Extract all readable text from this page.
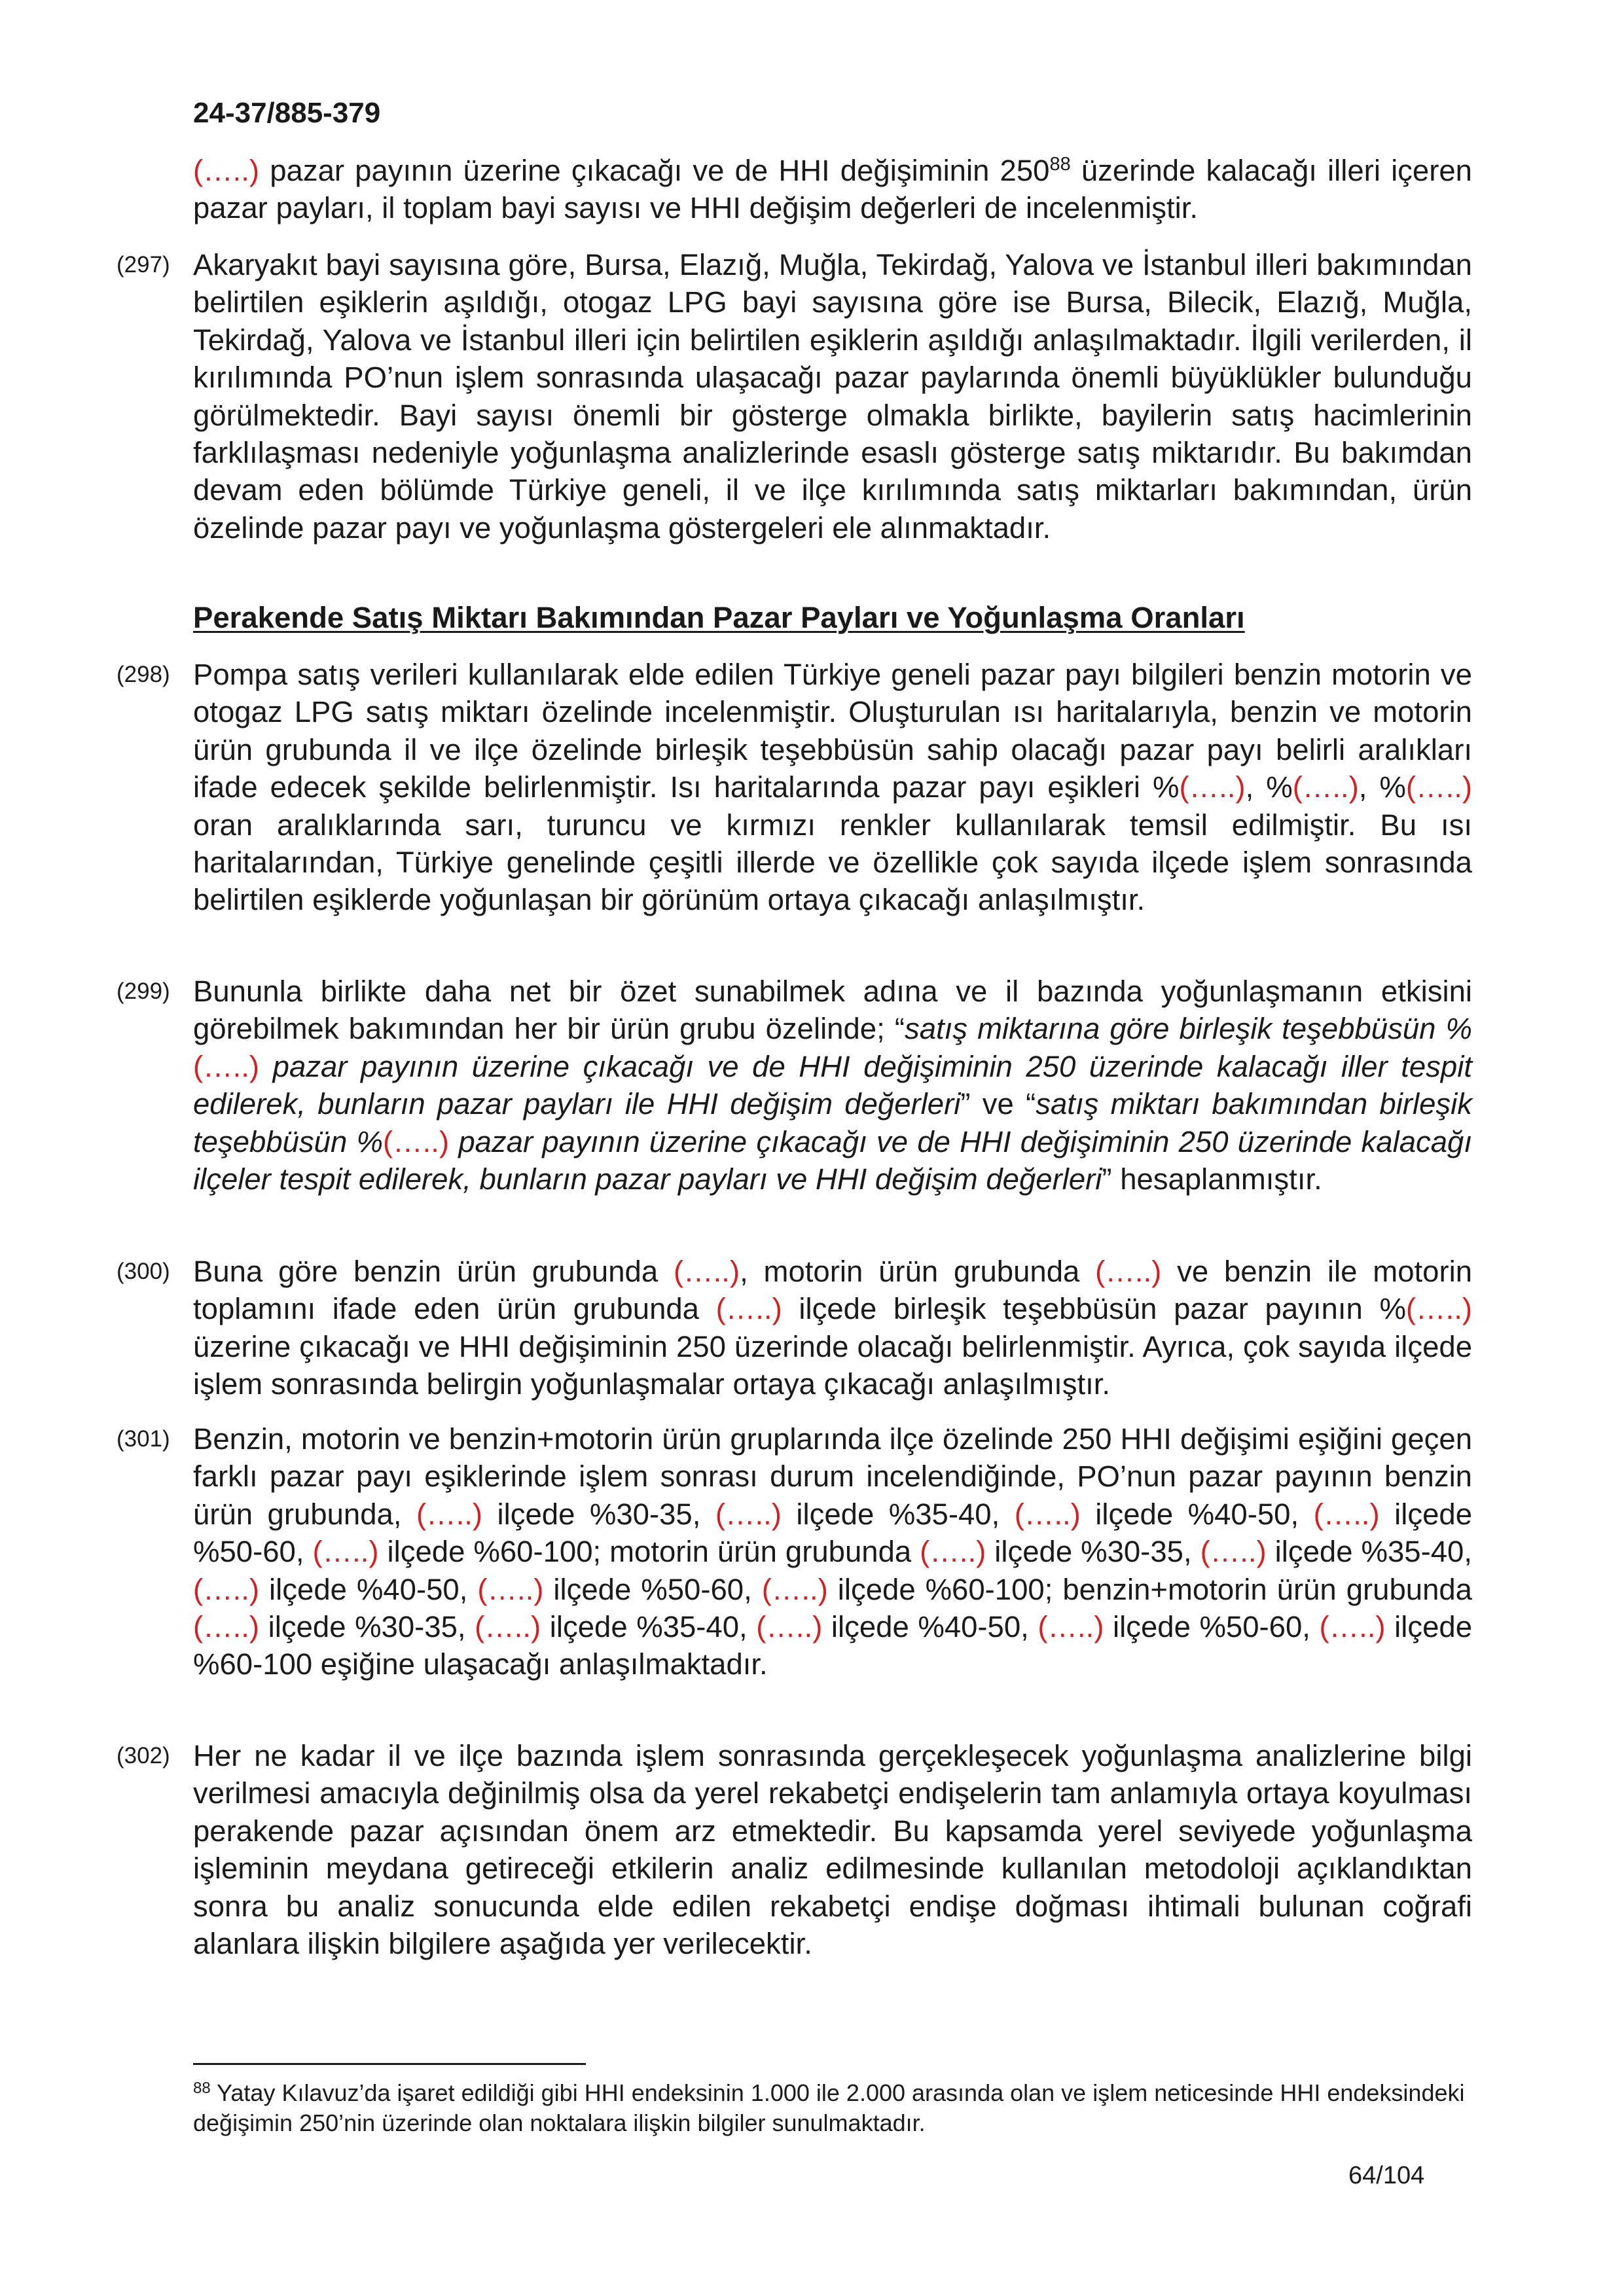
24-37/885-379
(…..) pazar payının üzerine çıkacağı ve de HHI değişiminin $250^{88}$ üzerinde kalacağı illeri içeren pazar payları, il toplam bayi sayısı ve HHI değişim değerleri de incelenmiştir.
(297) Akaryakıt bayi sayısına göre, Bursa, Elazığ, Muğla, Tekirdağ, Yalova ve İstanbul illeri bakımından belirtilen eşiklerin aşıldığı, otogaz LPG bayi sayısına göre ise Bursa, Bilecik, Elazığ, Muğla, Tekirdağ, Yalova ve İstanbul illeri için belirtilen eşiklerin aşıldığı anlaşılmaktadır. İlgili verilerden, il kırılımında PO’nun işlem sonrasında ulaşacağı pazar paylarında önemli büyüklükler bulunduğu görülmektedir. Bayi sayısı önemli bir gösterge olmakla birlikte, bayilerin satış hacimlerinin farklılaşması nedeniyle yoğunlaşma analizlerinde esaslı gösterge satış miktarıdır. Bu bakımdan devam eden bölümde Türkiye geneli, il ve ilçe kırılımında satış miktarları bakımından, ürün özelinde pazar payı ve yoğunlaşma göstergeleri ele alınmaktadır.
Perakende Satış Miktarı Bakımından Pazar Payları ve Yoğunlaşma Oranları
(298) Pompa satış verileri kullanılarak elde edilen Türkiye geneli pazar payı bilgileri benzin motorin ve otogaz LPG satış miktarı özelinde incelenmiştir. Oluşturulan ısı haritalarıyla, benzin ve motorin ürün grubunda il ve ilçe özelinde birleşik teşebbüsün sahip olacağı pazar payı belirli aralıkları ifade edecek şekilde belirlenmiştir. Isı haritalarında pazar payı eşikleri %(…..), %(…..), %(…..) oran aralıklarında sarı, turuncu ve kırmızı renkler kullanılarak temsil edilmiştir. Bu ısı haritalarından, Türkiye genelinde çeşitli illerde ve özellikle çok sayıda ilçede işlem sonrasında belirtilen eşiklerde yoğunlaşan bir görünüm ortaya çıkacağı anlaşılmıştır.
(299) Bununla birlikte daha net bir özet sunabilmek adına ve il bazında yoğunlaşmanın etkisini görebilmek bakımından her bir ürün grubu özelinde; “satış miktarına göre birleşik teşebbüsün %(…..) pazar payının üzerine çıkacağı ve de HHI değişiminin 250 üzerinde kalacağı iller tespit edilerek, bunların pazar payları ile HHI değişim değerleri” ve “satış miktarı bakımından birleşik teşebbüsün %(…..) pazar payının üzerine çıkacağı ve de HHI değişiminin 250 üzerinde kalacağı ilçeler tespit edilerek, bunların pazar payları ve HHI değişim değerleri” hesaplanmıştır.
(300) Buna göre benzin ürün grubunda (…..), motorin ürün grubunda (…..) ve benzin ile motorin toplamını ifade eden ürün grubunda (…..) ilçede birleşik teşebbüsün pazar payının %(…..) üzerine çıkacağı ve HHI değişiminin 250 üzerinde olacağı belirlenmiştir. Ayrıca, çok sayıda ilçede işlem sonrasında belirgin yoğunlaşmalar ortaya çıkacağı anlaşılmıştır.
(301) Benzin, motorin ve benzin+motorin ürün gruplarında ilçe özelinde 250 HHI değişimi eşiğini geçen farklı pazar payı eşiklerinde işlem sonrası durum incelendiğinde, PO’nun pazar payının benzin ürün grubunda, (…..) ilçede %30-35, (…..) ilçede %35-40, (…..) ilçede %40-50, (…..) ilçede %50-60, (…..) ilçede %60-100; motorin ürün grubunda (…..) ilçede %30-35, (…..) ilçede %35-40, (…..) ilçede %40-50, (…..) ilçede %50-60, (…..) ilçede %60-100; benzin+motorin ürün grubunda (…..) ilçede %30-35, (…..) ilçede %35-40, (…..) ilçede %40-50, (…..) ilçede %50-60, (…..) ilçede %60-100 eşiğine ulaşacağı anlaşılmaktadır.
(302) Her ne kadar il ve ilçe bazında işlem sonrasında gerçekleşecek yoğunlaşma analizlerine bilgi verilmesi amacıyla değinilmiş olsa da yerel rekabetçi endişelerin tam anlamıyla ortaya koyulması perakende pazar açısından önem arz etmektedir. Bu kapsamda yerel seviyede yoğunlaşma işleminin meydana getireceği etkilerin analiz edilmesinde kullanılan metodoloji açıklandıktan sonra bu analiz sonucunda elde edilen rekabetçi endişe doğması ihtimali bulunan coğrafi alanlara ilişkin bilgilere aşağıda yer verilecektir.
$^{88}$ Yatay Kılavuz’da işaret edildiği gibi HHI endeksinin 1.000 ile 2.000 arasında olan ve işlem neticesinde HHI endeksindeki değişimin 250’nin üzerinde olan noktalara ilişkin bilgiler sunulmaktadır.
64/104
